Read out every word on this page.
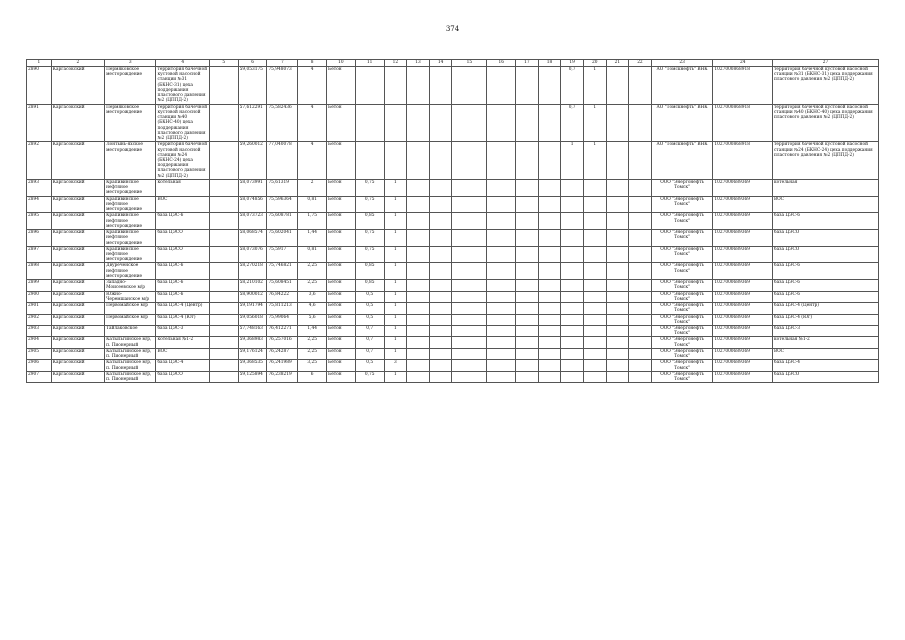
374
1	2	3	4	5	6	7	8	10	11	12	13	14	15	16	17	18	19	20	21	22	23	24	27
2890	Каргасокский	Пермяковское месторождение	территория бачечной кустовой насосной станции №31 (БКНС-31) цеха поддержания пластового давления №2 (ЦППД-2)		59,053175	75,948073	4	Бетон									0,7	1			АО "Томскнефть" ВНК	1027000868918	территория бачечной кустовой насосной станции №31 (БКНС-31) цеха поддержания пластового давления №2 (ЦППД-2)
2891	Каргасокский	Пермяковское месторождение	территория бачечной кустовой насосной станции №40 (БКНС-40) цеха поддержания пластового давления №2 (ЦППД-2)		57,612291	75,582436	4	Бетон									0,7	1			АО "Томскнефть" ВНК	1027000868918	территория бачечной кустовой насосной станции №40 (БКНС-40) цеха поддержания пластового давления №2 (ЦППД-2)
2892	Каргасокский	Лонтынь-яхское месторождение	территория бачечной кустовой насосной станции №24 (БКНС-24) цеха поддержания пластового давления №2 (ЦППД-2)		59,260012	77,040078	4	Бетон									1	1			АО "Томскнефть" ВНК	1027000868918	территория бачечной кустовой насосной станции №24 (БКНС-24) цеха поддержания пластового давления №2 (ЦППД-2)
2893	Каргасокский	Крапивинское нефтяное месторождение	котельная		58,073991	75,61319	2	Бетон	0,75	1											ООО "Энергонефть Томск"	1027000689369	котельная
2894	Каргасокский	Крапивинское нефтяное месторождение	ВОС		58,074856	75,596364	0,81	Бетон	0,75	1											ООО "Энергонефть Томск"	1027000689369	ВОС
2895	Каргасокский	Крапивинское нефтяное месторождение	база ЦЭС-6		58,073723	75,608781	1,75	Бетон	0,85	1											ООО "Энергонефть Томск"	1027000689369	база ЦЭС-6
2896	Каргасокский	Крапивинское нефтяное месторождение	база ЦЭСО		58,068574	75,602041	1,44	Бетон	0,75	1											ООО "Энергонефть Томск"	1027000689369	база ЦЭСО
2897	Каргасокский	Крапивинское нефтяное месторождение	база ЦЭСО		58,073076	75,5917	0,81	Бетон	0,75	1											ООО "Энергонефть Томск"	1027000689369	база ЦЭСО
2898	Каргасокский	Двуреченское нефтяное месторождение	база ЦЭС-6		58,270218	75,746821	2,25	Бетон	0,85	1											ООО "Энергонефть Томск"	1027000689369	база ЦЭС-6
2899	Каргасокский	Западно-Моисеевское м/р	база ЦЭС-6		58,210102	75,608451	2,25	Бетон	0,85	1											ООО "Энергонефть Томск"	1027000689369	база ЦЭС-6
2900	Каргасокский	Южно-Черемшанское м/р	база ЦЭС-6		58,900012	76,84222	3,6	Бетон	0,5	1											ООО "Энергонефть Томск"	1027000689369	база ЦЭС-6
2901	Каргасокский	Первомайское м/р	база ЦЭС-4 (Центр)		59,191794	75,811213	4,6	Бетон	0,5	1											ООО "Энергонефть Томск"	1027000689369	база ЦЭС-4 (Центр)
2902	Каргасокский	Первомайское м/р	база ЦЭС-4 (Юг)		59,056018	75,99064	5,6	Бетон	0,5	1											ООО "Энергонефть Томск"	1027000689369	база ЦЭС-4 (Юг)
2903	Каргасокский	Тайлаковское	база ЦЭС-3		57,748163	76,412271	1,44	Бетон	0,7	1											ООО "Энергонефть Томск"	1027000689369	база ЦЭС-3
2904	Каргасокский	Катыльгинское м/р, п. Пионерный	котельная №1-2		59,368983	76,257016	2,25	Бетон	0,7	1											ООО "Энергонефть Томск"	1027000689369	котельная №1-2
2905	Каргасокский	Катыльгинское м/р, п. Пионерный	ВОС		59,176124	76,24287	2,25	Бетон	0,7	1											ООО "Энергонефть Томск"	1027000689369	ВОС
2906	Каргасокский	Катыльгинское м/р, п. Пионерный	база ЦЭС-4		59,368535	76,241989	3,25	Бетон	0,5	3											ООО "Энергонефть Томск"	1027000689369	база ЦЭС-4
2907	Каргасокский	Катыльгинское м/р, п. Пионерный	база ЦЭСО		59,125894	76,238219	6	Бетон	0,75	1											ООО "Энергонефть Томск"	1027000689369	база ЦЭСО
